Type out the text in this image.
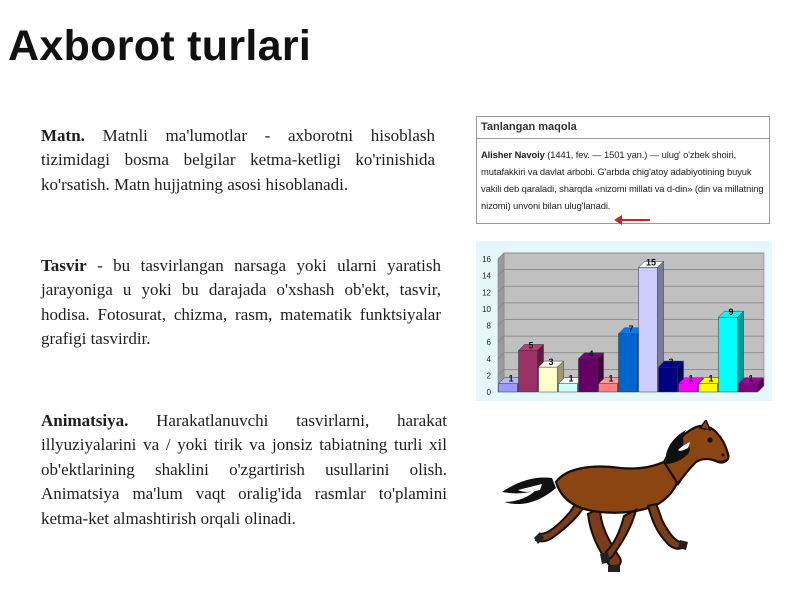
Axborot turlari
Matn. Matnli ma'lumotlar - axborotni hisoblash tizimidagi bosma belgilar ketma-ketligi ko'rinishida ko'rsatish. Matn hujjatning asosi hisoblanadi.
Tasvir - bu tasvirlangan narsaga yoki ularni yaratish jarayoniga u yoki bu darajada o'xshash ob'ekt, tasvir, hodisa. Fotosurat, chizma, rasm, matematik funktsiyalar grafigi tasvirdir.
Animatsiya. Harakatlanuvchi tasvirlarni, harakat illyuziyalarini va / yoki tirik va jonsiz tabiatning turli xil ob'ektlarining shaklini o'zgartirish usullarini olish. Animatsiya ma'lum vaqt oralig'ida rasmlar to'plamini ketma-ket almashtirish orqali olinadi.
Tanlangan maqola
Alisher Navoiy (1441, fev. — 1501 yan.) — ulug' o'zbek shoiri, mutafakkiri va davlat arbobi. G'arbda chig'atoy adabiyotining buyuk vakili deb qaraladi, sharqda «nizomi millati va d-din» (din va millatning nizomi) unvoni bilan ulug'lanadi.
0
2
4
6
8
10
12
14
16
1
5
3
1
4
1
7
15
3
1 1
9
1
